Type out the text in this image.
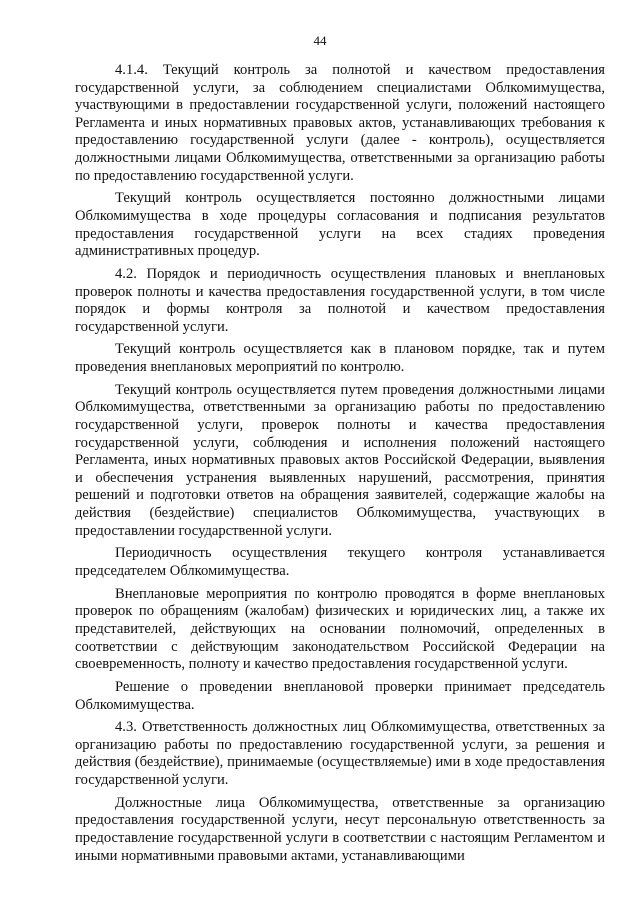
44

4.1.4. Текущий контроль за полнотой и качеством предоставления государственной услуги, за соблюдением специалистами Облкомимущества, участвующими в предоставлении государственной услуги, положений настоящего Регламента и иных нормативных правовых актов, устанавливающих требования к предоставлению государственной услуги (далее - контроль), осуществляется должностными лицами Облкомимущества, ответственными за организацию работы по предоставлению государственной услуги.

Текущий контроль осуществляется постоянно должностными лицами Облкомимущества в ходе процедуры согласования и подписания результатов предоставления государственной услуги на всех стадиях проведения административных процедур.

4.2. Порядок и периодичность осуществления плановых и внеплановых проверок полноты и качества предоставления государственной услуги, в том числе порядок и формы контроля за полнотой и качеством предоставления государственной услуги.

Текущий контроль осуществляется как в плановом порядке, так и путем проведения внеплановых мероприятий по контролю.

Текущий контроль осуществляется путем проведения должностными лицами Облкомимущества, ответственными за организацию работы по предоставлению государственной услуги, проверок полноты и качества предоставления государственной услуги, соблюдения и исполнения положений настоящего Регламента, иных нормативных правовых актов Российской Федерации, выявления и обеспечения устранения выявленных нарушений, рассмотрения, принятия решений и подготовки ответов на обращения заявителей, содержащие жалобы на действия (бездействие) специалистов Облкомимущества, участвующих в предоставлении государственной услуги.

Периодичность осуществления текущего контроля устанавливается председателем Облкомимущества.

Внеплановые мероприятия по контролю проводятся в форме внеплановых проверок по обращениям (жалобам) физических и юридических лиц, а также их представителей, действующих на основании полномочий, определенных в соответствии с действующим законодательством Российской Федерации на своевременность, полноту и качество предоставления государственной услуги.

Решение о проведении внеплановой проверки принимает председатель Облкомимущества.

4.3. Ответственность должностных лиц Облкомимущества, ответственных за организацию работы по предоставлению государственной услуги, за решения и действия (бездействие), принимаемые (осуществляемые) ими в ходе предоставления государственной услуги.

Должностные лица Облкомимущества, ответственные за организацию предоставления государственной услуги, несут персональную ответственность за предоставление государственной услуги в соответствии с настоящим Регламентом и иными нормативными правовыми актами, устанавливающими
